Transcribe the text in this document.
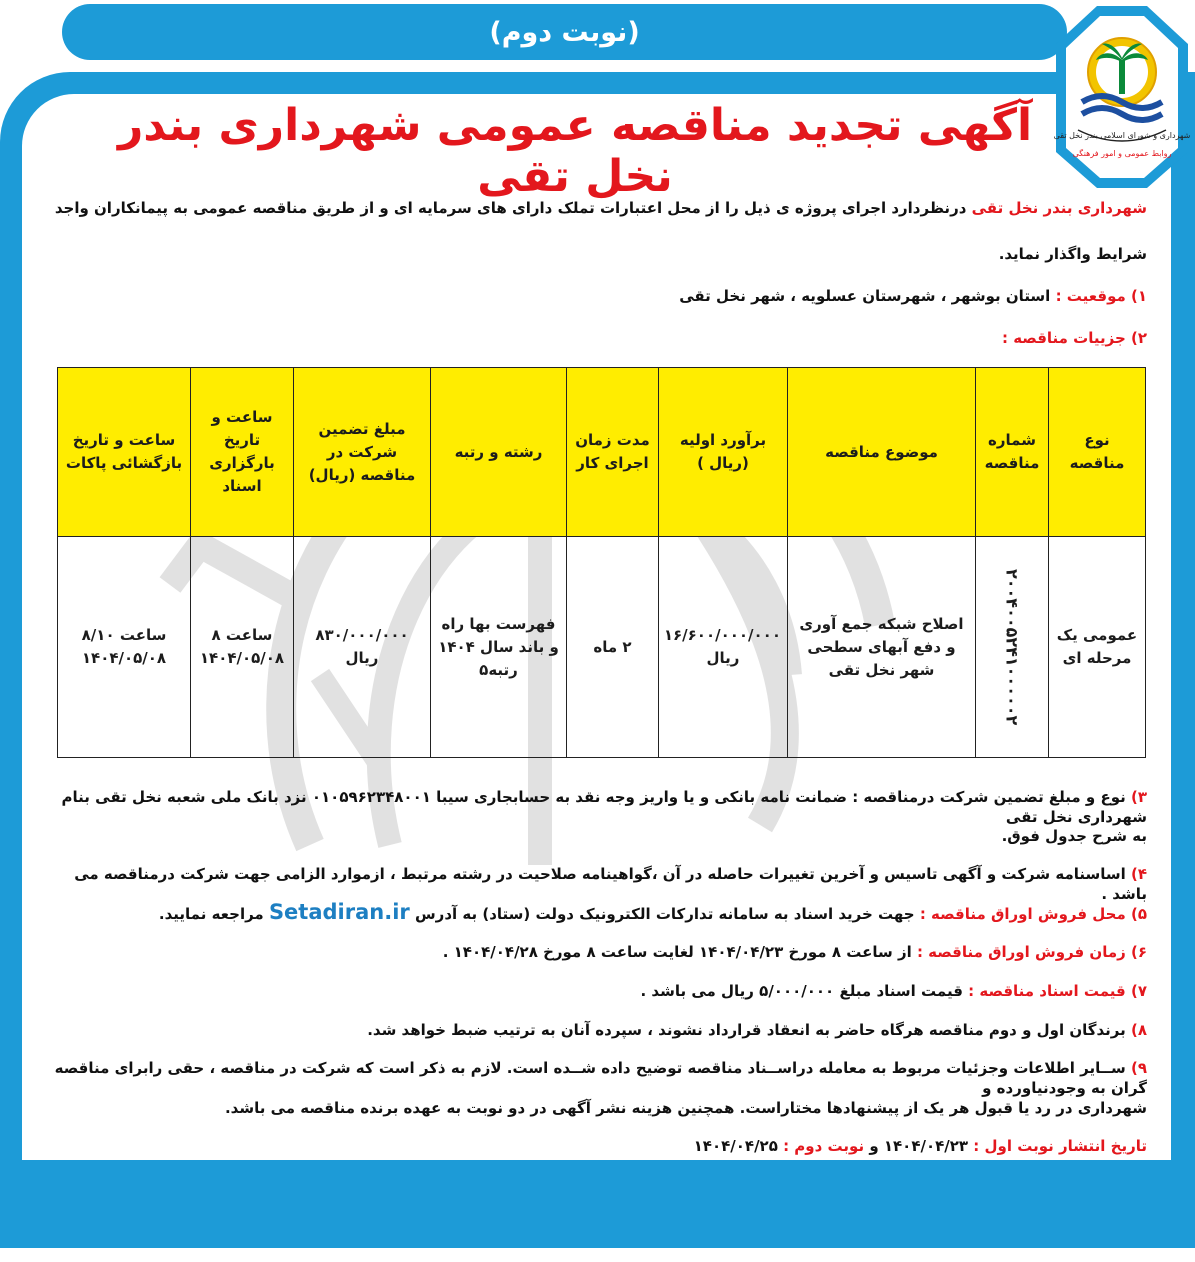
(نوبت دوم)
شهرداری و شورای اسلامی بندر نخل تقی
روابط عمومی و امور فرهنگی
آگهی تجدید مناقصه عمومی شهرداری بندر نخل تقی
شهرداری بندر نخل تقی درنظردارد اجرای پروژه ی ذیل را از محل اعتبارات تملک دارای های سرمایه ای و از طریق مناقصه عمومی به پیمانکاران واجد
شرایط واگذار نماید.
۱) موقعیت : استان بوشهر ، شهرستان عسلویه ، شهر نخل تقی
۲) جزییات مناقصه :
نوع مناقصه	شماره مناقصه	موضوع مناقصه	برآورد اولیه (ریال )	مدت زمان اجرای کار	رشته و رتبه	مبلغ تضمین شرکت در مناقصه (ریال)	ساعت و تاریخ بارگزاری اسناد	ساعت و تاریخ بازگشائی پاکات
عمومی یک مرحله ای	۲۰۰۴۰۰۵۲۴۱۰۰۰۰۰۲	اصلاح شبکه جمع آوری و دفع آبهای سطحی شهر نخل تقی	۱۶/۶۰۰/۰۰۰/۰۰۰ ریال	۲ ماه	فهرست بها راه و باند سال ۱۴۰۴ رتبه۵	۸۳۰/۰۰۰/۰۰۰ ریال	ساعت ۸ ۱۴۰۴/۰۵/۰۸	ساعت ۸/۱۰ ۱۴۰۴/۰۵/۰۸
۳) نوع و مبلغ تضمین شرکت درمناقصه : ضمانت نامه بانکی و یا واریز وجه نقد به حسابجاری سیبا ۰۱۰۵۹۶۲۳۴۸۰۰۱ نزد بانک ملی شعبه نخل تقی بنام شهرداری نخل تقی
به شرح جدول فوق.
۴) اساسنامه شرکت و آگهی تاسیس و آخرین تغییرات حاصله در آن ،گواهینامه صلاحیت در رشته مرتبط ، ازموارد الزامی جهت شرکت درمناقصه می باشد .
۵) محل فروش اوراق مناقصه : جهت خرید اسناد به سامانه تدارکات الکترونیک دولت (ستاد) به آدرس Setadiran.ir مراجعه نمایید.
۶) زمان فروش اوراق مناقصه : از ساعت ۸ مورخ ۱۴۰۴/۰۴/۲۳ لغایت ساعت ۸ مورخ ۱۴۰۴/۰۴/۲۸ .
۷) قیمت اسناد مناقصه : قیمت اسناد مبلغ ۵/۰۰۰/۰۰۰ ریال می باشد .
۸) برندگان اول و دوم مناقصه هرگاه حاضر به انعقاد قرارداد نشوند ، سپرده آنان به ترتیب ضبط خواهد شد.
۹) ســایر اطلاعات وجزئیات مربوط به معامله دراســناد مناقصه توضیح داده شــده است. لازم به ذکر است که شرکت در مناقصه ، حقی رابرای مناقصه گران به وجودنیاورده و
شهرداری در رد یا قبول هر یک از پیشنهادها مختاراست. همچنین هزینه نشر آگهی در دو نوبت به عهده برنده مناقصه می باشد.
تاریخ انتشار نوبت اول : ۱۴۰۴/۰۴/۲۳ و نوبت دوم : ۱۴۰۴/۰۴/۲۵
